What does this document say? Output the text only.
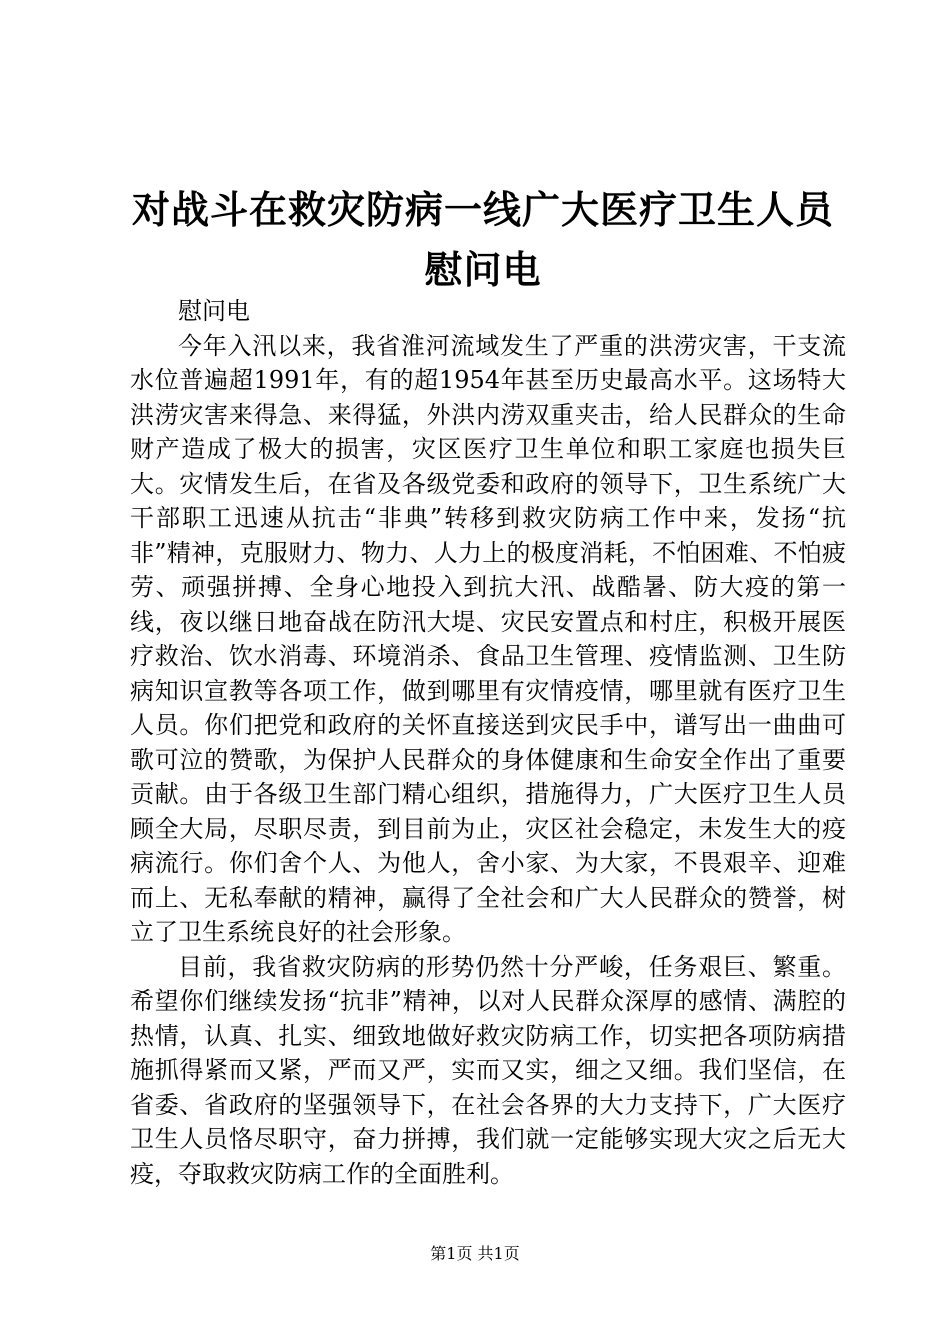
对战斗在救灾防病一线广大医疗卫生人员慰问电

慰问电

今年入汛以来，我省淮河流域发生了严重的洪涝灾害，干支流水位普遍超1991年，有的超1954年甚至历史最高水平。这场特大洪涝灾害来得急、来得猛，外洪内涝双重夹击，给人民群众的生命财产造成了极大的损害，灾区医疗卫生单位和职工家庭也损失巨大。灾情发生后，在省及各级党委和政府的领导下，卫生系统广大干部职工迅速从抗击“非典”转移到救灾防病工作中来，发扬“抗非”精神，克服财力、物力、人力上的极度消耗，不怕困难、不怕疲劳、顽强拼搏、全身心地投入到抗大汛、战酷暑、防大疫的第一线，夜以继日地奋战在防汛大堤、灾民安置点和村庄，积极开展医疗救治、饮水消毒、环境消杀、食品卫生管理、疫情监测、卫生防病知识宣教等各项工作，做到哪里有灾情疫情，哪里就有医疗卫生人员。你们把党和政府的关怀直接送到灾民手中，谱写出一曲曲可歌可泣的赞歌，为保护人民群众的身体健康和生命安全作出了重要贡献。由于各级卫生部门精心组织，措施得力，广大医疗卫生人员顾全大局，尽职尽责，到目前为止，灾区社会稳定，未发生大的疫病流行。你们舍个人、为他人，舍小家、为大家，不畏艰辛、迎难而上、无私奉献的精神，赢得了全社会和广大人民群众的赞誉，树立了卫生系统良好的社会形象。

目前，我省救灾防病的形势仍然十分严峻，任务艰巨、繁重。希望你们继续发扬“抗非”精神，以对人民群众深厚的感情、满腔的热情，认真、扎实、细致地做好救灾防病工作，切实把各项防病措施抓得紧而又紧，严而又严，实而又实，细之又细。我们坚信，在省委、省政府的坚强领导下，在社会各界的大力支持下，广大医疗卫生人员恪尽职守，奋力拼搏，我们就一定能够实现大灾之后无大疫，夺取救灾防病工作的全面胜利。

第1页 共1页
